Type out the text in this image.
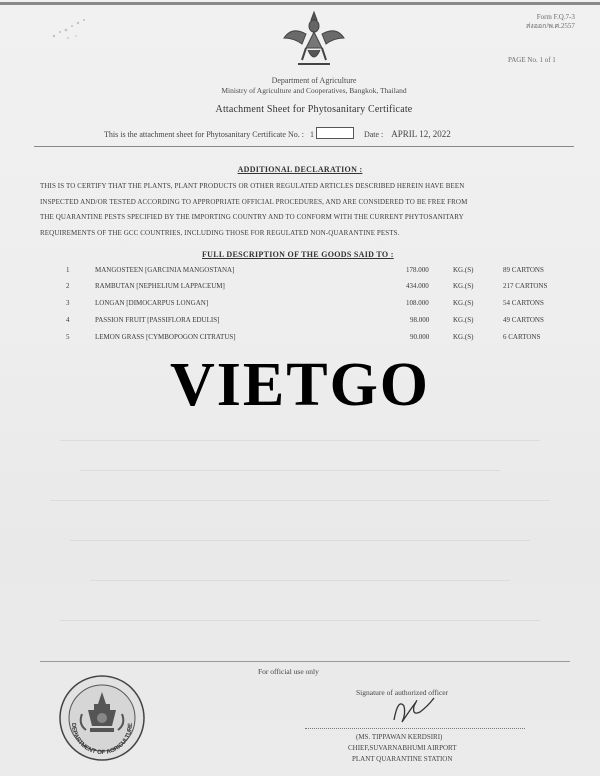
Form F.Q.7-3
ส่งออก/พ.ศ.2557
PAGE No. 1 of 1
Department of Agriculture
Ministry of Agriculture and Cooperatives, Bangkok, Thailand
Attachment Sheet for Phytosanitary Certificate
This is the attachment sheet for Phytosanitary Certificate No. : 1	Date : APRIL 12, 2022
ADDITIONAL DECLARATION :
THIS IS TO CERTIFY THAT THE PLANTS, PLANT PRODUCTS OR OTHER REGULATED ARTICLES DESCRIBED HEREIN HAVE BEEN
INSPECTED AND/OR TESTED ACCORDING TO APPROPRIATE OFFICIAL PROCEDURES, AND ARE CONSIDERED TO BE FREE FROM
THE QUARANTINE PESTS SPECIFIED BY THE IMPORTING COUNTRY AND TO CONFORM WITH THE CURRENT PHYTOSANITARY
REQUIREMENTS OF THE GCC COUNTRIES, INCLUDING THOSE FOR REGULATED NON-QUARANTINE PESTS.
FULL DESCRIPTION OF THE GOODS SAID TO :
1	MANGOSTEEN [GARCINIA MANGOSTANA]	178.000	KG.(S)	89 CARTONS
2	RAMBUTAN [NEPHELIUM LAPPACEUM]	434.000	KG.(S)	217 CARTONS
3	LONGAN [DIMOCARPUS LONGAN]	108.000	KG.(S)	54 CARTONS
4	PASSION FRUIT [PASSIFLORA EDULIS]	98.000	KG.(S)	49 CARTONS
5	LEMON GRASS [CYMBOPOGON CITRATUS]	90.000	KG.(S)	6 CARTONS
VIETGO
For official use only
DEPARTMENT OF AGRICULTURE
Signature of authorized officer
(MS. TIPPAWAN KERDSIRI)
CHIEF,SUVARNABHUMI AIRPORT
PLANT QUARANTINE STATION
